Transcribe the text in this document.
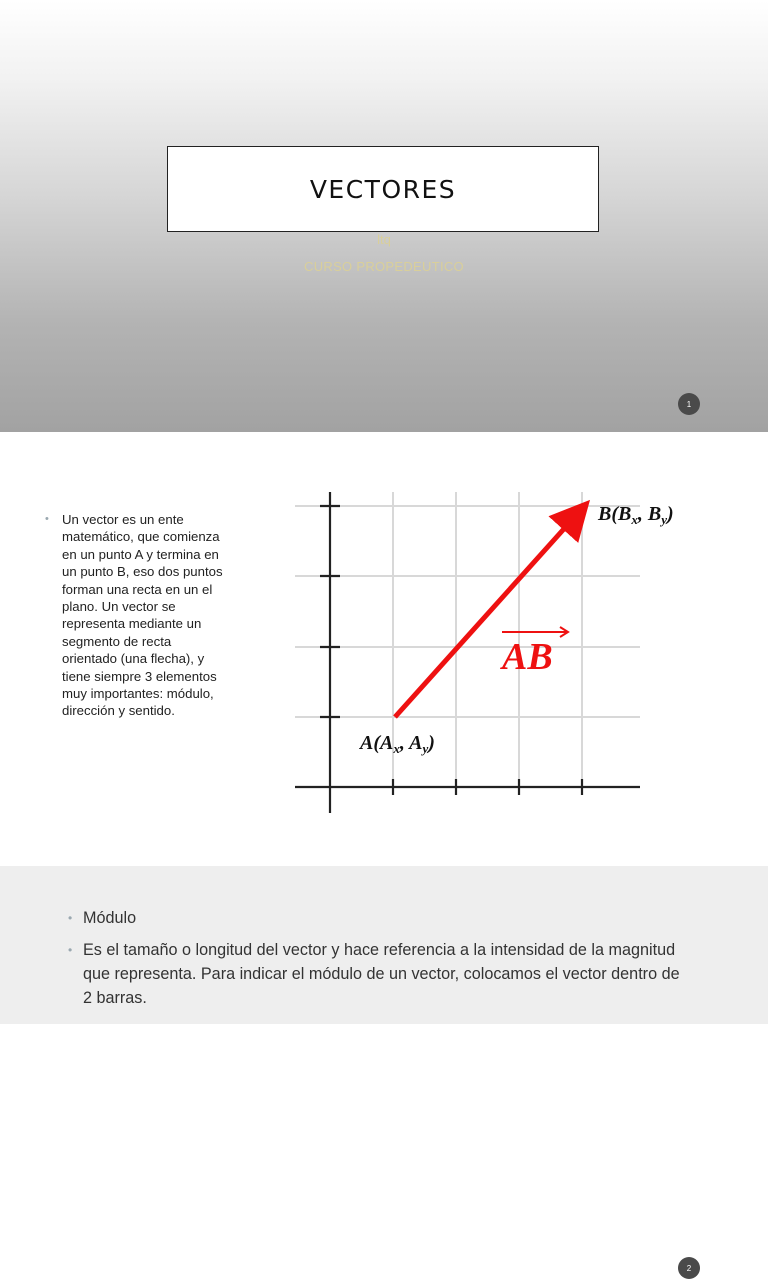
VECTORES
ltq
CURSO PROPEDEUTICO
1
• Un vector es un ente matemático, que comienza en un punto A y termina en un punto B, eso dos puntos forman una recta en un el plano. Un vector se representa mediante un segmento de recta orientado (una flecha), y tiene siempre 3 elementos muy importantes: módulo, dirección y sentido.
AB
$A(A_x$, $A_y$)
$B(B_x$, $B_y$)
2
• Módulo
• Es el tamaño o longitud del vector y hace referencia a la intensidad de la magnitud que representa. Para indicar el módulo de un vector, colocamos el vector dentro de 2 barras.
